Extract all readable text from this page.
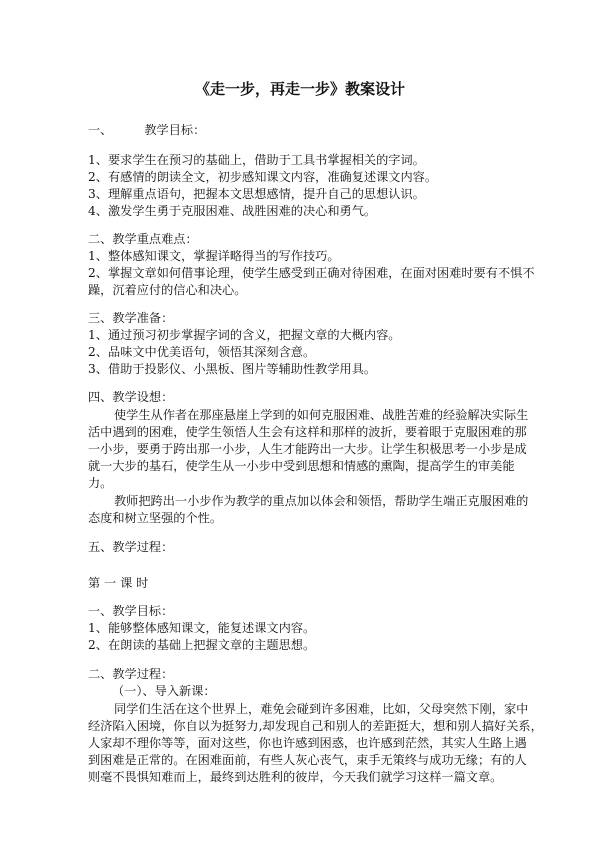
《走一步，再走一步》教案设计
一、	教学目标：
1、要求学生在预习的基础上，借助于工具书掌握相关的字词。
2、有感情的朗读全文，初步感知课文内容，准确复述课文内容。
3、理解重点语句，把握本文思想感情，提升自己的思想认识。
4、激发学生勇于克服困难、战胜困难的决心和勇气。
二、教学重点难点：
1、整体感知课文，掌握详略得当的写作技巧。
2、掌握文章如何借事论理，使学生感受到正确对待困难，在面对困难时要有不惧不
躁，沉着应付的信心和决心。
三、教学准备：
1、通过预习初步掌握字词的含义，把握文章的大概内容。
2、品味文中优美语句，领悟其深刻含意。
3、借助于投影仪、小黑板、图片等辅助性教学用具。
四、教学设想：
使学生从作者在那座悬崖上学到的如何克服困难、战胜苦难的经验解决实际生
活中遇到的困难，使学生领悟人生会有这样和那样的波折，要着眼于克服困难的那
一小步，要勇于跨出那一小步，人生才能跨出一大步。让学生积极思考一小步是成
就一大步的基石，使学生从一小步中受到思想和情感的熏陶，提高学生的审美能
力。
教师把跨出一小步作为教学的重点加以体会和领悟，帮助学生端正克服困难的
态度和树立坚强的个性。
五、教学过程：
第 一 课 时
一、教学目标：
1、能够整体感知课文，能复述课文内容。
2、在朗读的基础上把握文章的主题思想。
二、教学过程：
（一）、导入新课：
同学们生活在这个世界上，难免会碰到许多困难，比如，父母突然下刚，家中
经济陷入困境，你自以为挺努力,却发现自己和别人的差距挺大，想和别人搞好关系，
人家却不理你等等，面对这些，你也许感到困惑，也许感到茫然，其实人生路上遇
到困难是正常的。在困难面前，有些人灰心丧气，束手无策终与成功无缘；有的人
则毫不畏惧知难而上，最终到达胜利的彼岸，今天我们就学习这样一篇文章。
